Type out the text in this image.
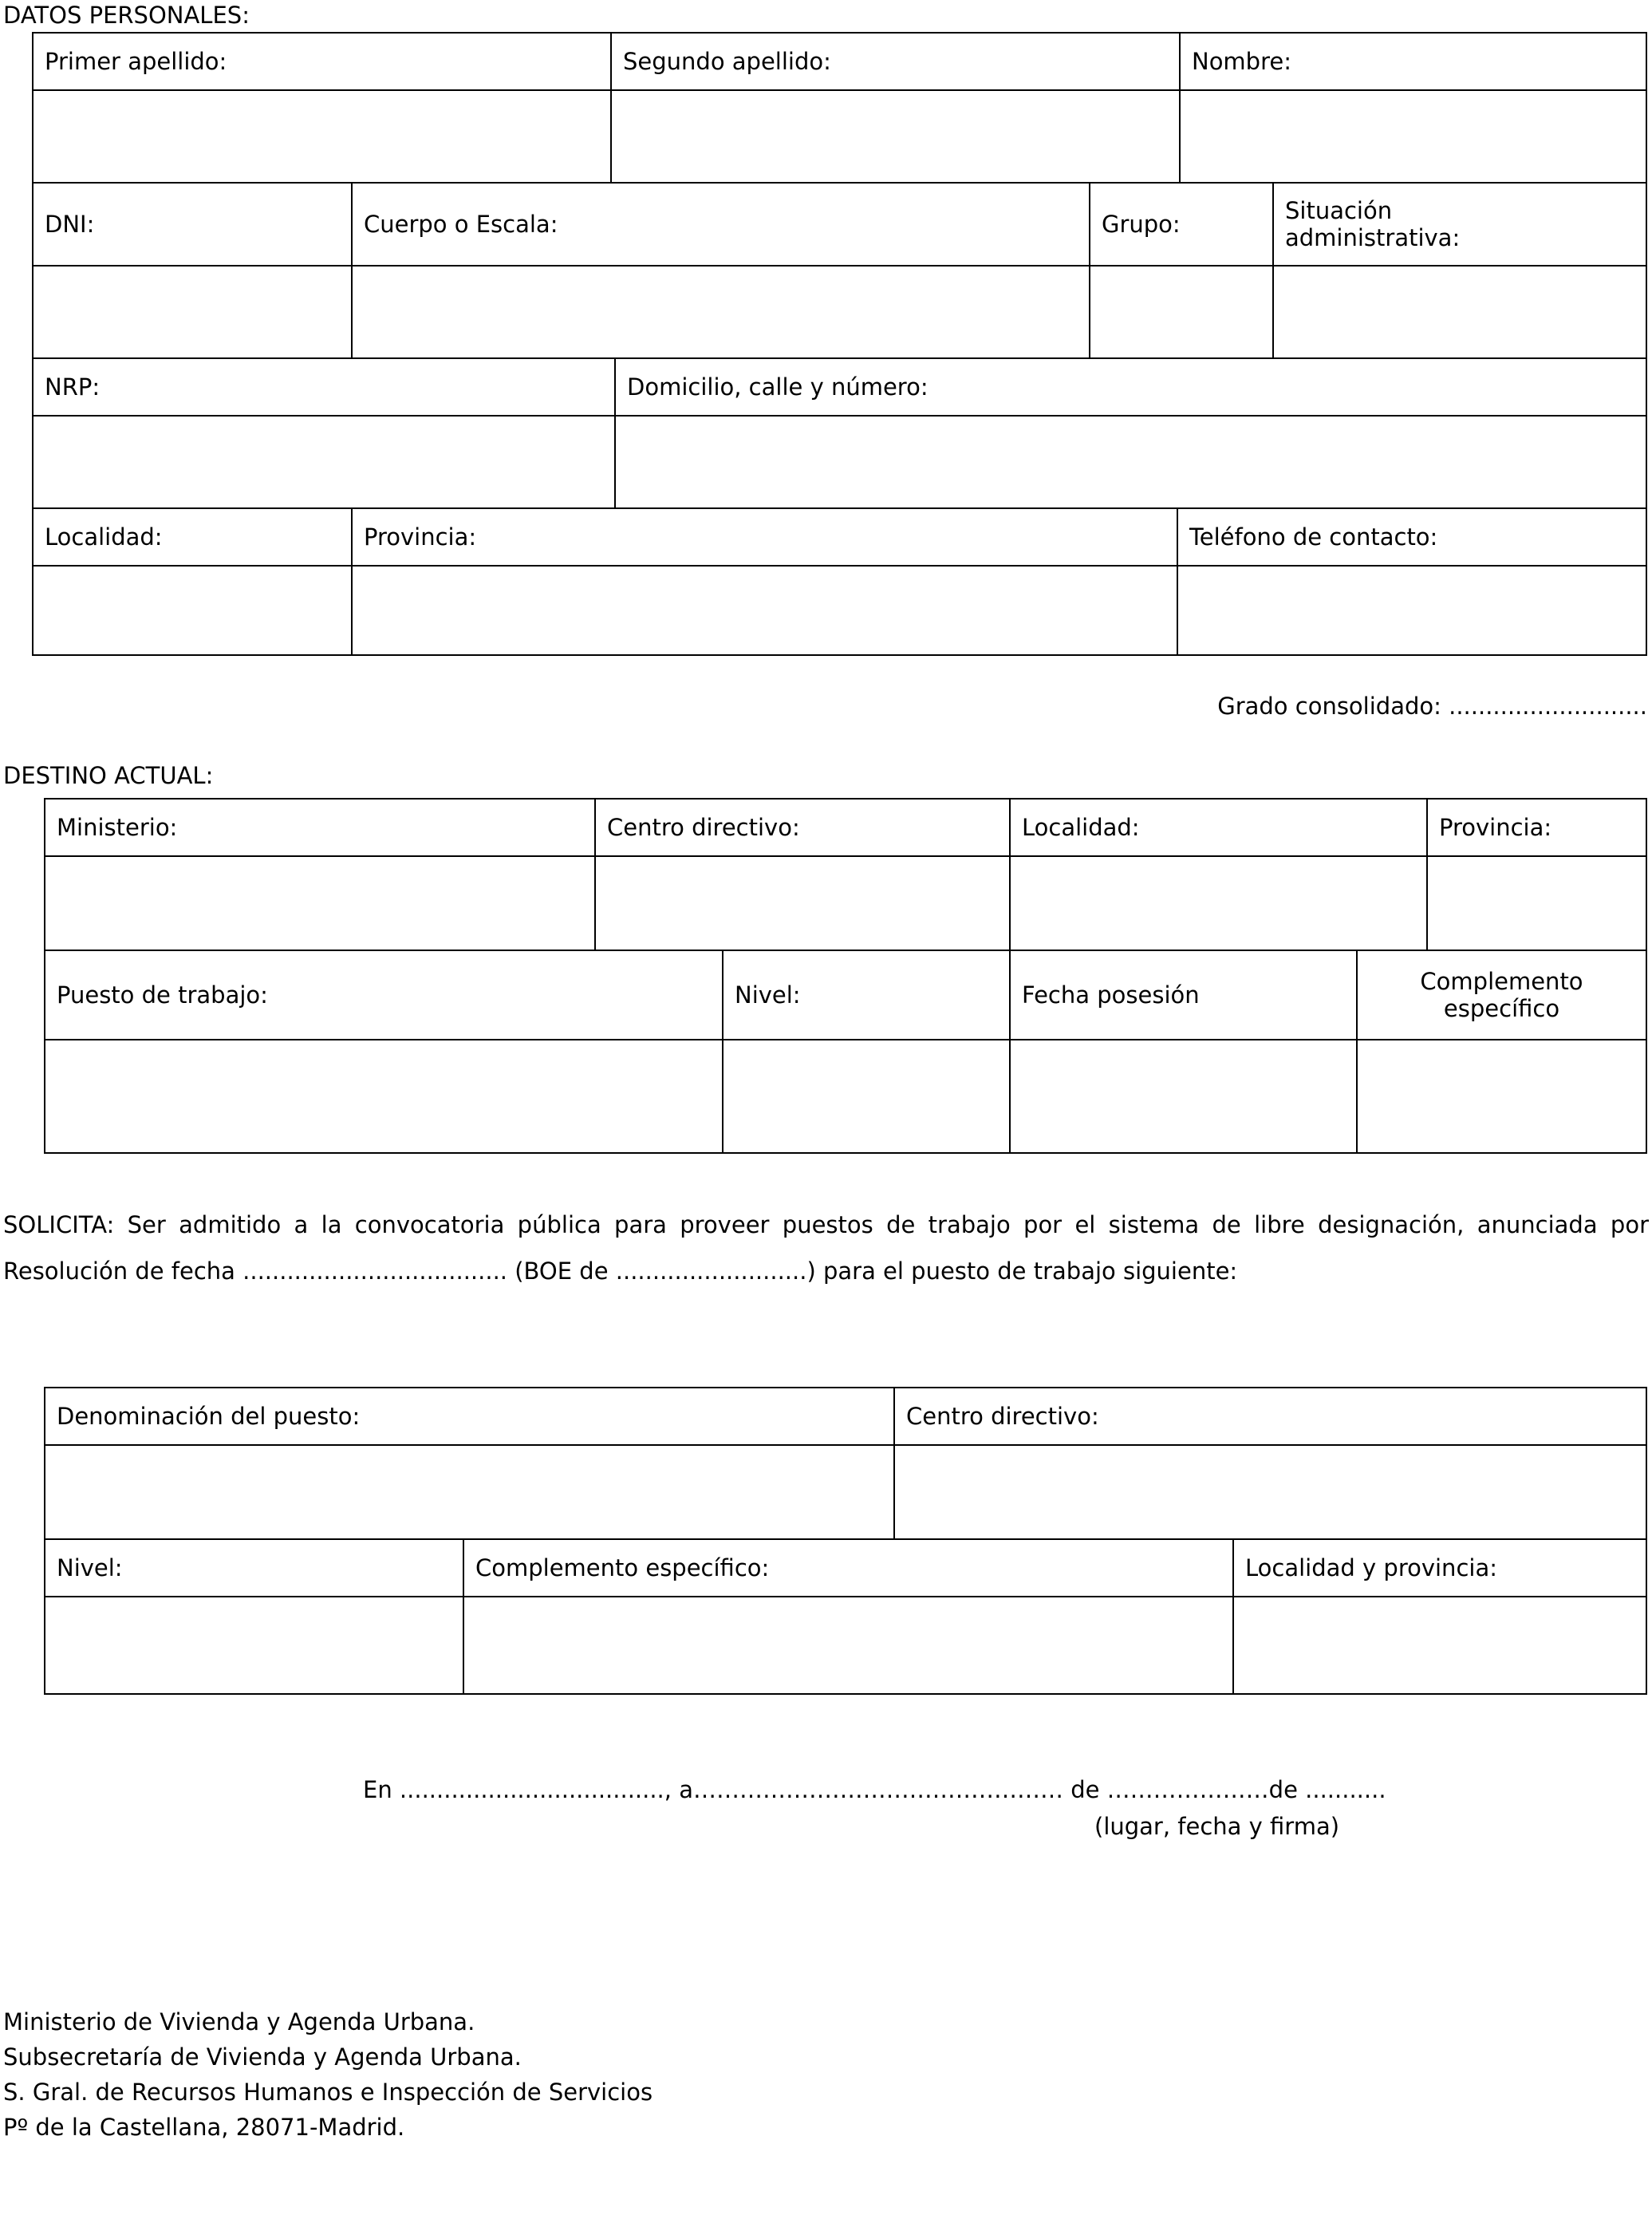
DATOS PERSONALES:
Primer apellido:	Segundo apellido:	Nombre:
DNI:	Cuerpo o Escala:	Grupo:	Situación administrativa:
NRP:	Domicilio, calle y número:
Localidad:	Provincia:	Teléfono de contacto:
Grado consolidado: ...........................
DESTINO ACTUAL:
Ministerio:	Centro directivo:	Localidad:	Provincia:
Puesto de trabajo:	Nivel:	Fecha posesión	Complemento específico
SOLICITA: Ser admitido a la convocatoria pública para proveer puestos de trabajo por el sistema de libre designación, anunciada por Resolución de fecha .................................... (BOE de ..........................) para el puesto de trabajo siguiente:
Denominación del puesto:	Centro directivo:
Nivel:	Complemento específico:	Localidad y provincia:
En ...................................., a………………………………………… de …………………de ...........
(lugar, fecha y firma)
Ministerio de Vivienda y Agenda Urbana.
Subsecretaría de Vivienda y Agenda Urbana.
S. Gral. de Recursos Humanos e Inspección de Servicios
Pº de la Castellana, 28071-Madrid.
